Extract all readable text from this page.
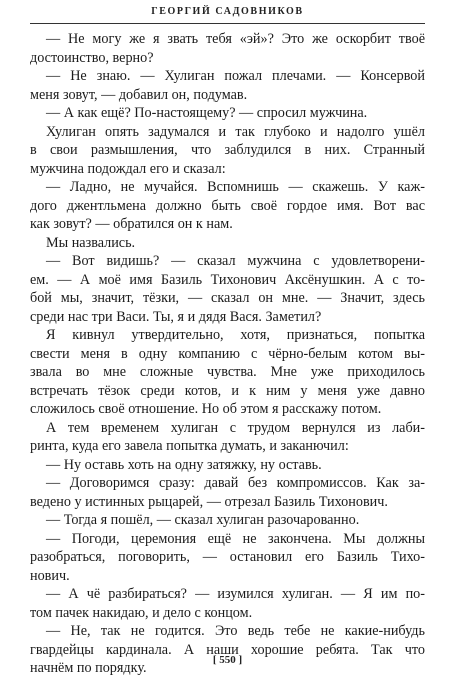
ГЕОРГИЙ САДОВНИКОВ
— Не могу же я звать тебя «эй»? Это же оскорбит твоё
достоинство, верно?
— Не знаю. — Хулиган пожал плечами. — Консервой
меня зовут, — добавил он, подумав.
— А как ещё? По-настоящему? — спросил мужчина.
Хулиган опять задумался и так глубоко и надолго ушёл
в свои размышления, что заблудился в них. Странный
мужчина подождал его и сказал:
— Ладно, не мучайся. Вспомнишь — скажешь. У каж-
дого джентльмена должно быть своё гордое имя. Вот вас
как зовут? — обратился он к нам.
Мы назвались.
— Вот видишь? — сказал мужчина с удовлетворени-
ем. — А моё имя Базиль Тихонович Аксёнушкин. А с то-
бой мы, значит, тёзки, — сказал он мне. — Значит, здесь
среди нас три Васи. Ты, я и дядя Вася. Заметил?
Я кивнул утвердительно, хотя, признаться, попытка
свести меня в одну компанию с чёрно-белым котом вы-
звала во мне сложные чувства. Мне уже приходилось
встречать тёзок среди котов, и к ним у меня уже давно
сложилось своё отношение. Но об этом я расскажу потом.
А тем временем хулиган с трудом вернулся из лаби-
ринта, куда его завела попытка думать, и заканючил:
— Ну оставь хоть на одну затяжку, ну оставь.
— Договоримся сразу: давай без компромиссов. Как за-
ведено у истинных рыцарей, — отрезал Базиль Тихонович.
— Тогда я пошёл, — сказал хулиган разочарованно.
— Погоди, церемония ещё не закончена. Мы должны
разобраться, поговорить, — остановил его Базиль Тихо-
нович.
— А чё разбираться? — изумился хулиган. — Я им по-
том пачек накидаю, и дело с концом.
— Не, так не годится. Это ведь тебе не какие-нибудь
гвардейцы кардинала. А наши хорошие ребята. Так что
начнём по порядку.	[ 550 ]
